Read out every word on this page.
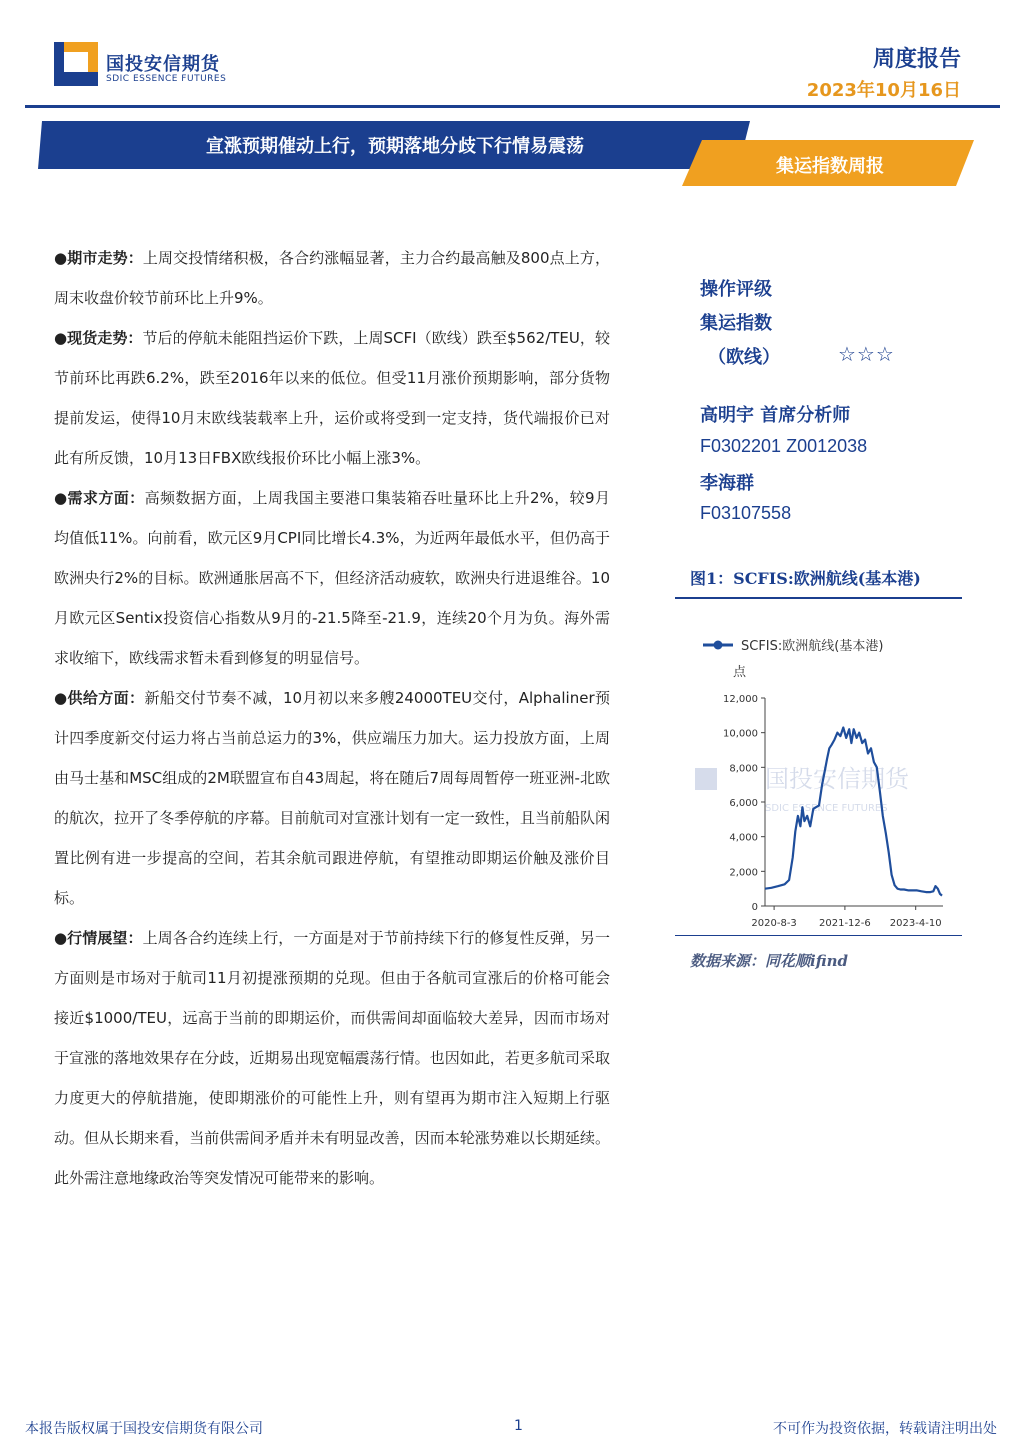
国投安信期货
SDIC ESSENCE FUTURES
周度报告
2023年10月16日
宣涨预期催动上行，预期落地分歧下行情易震荡
集运指数周报

●期市走势：上周交投情绪积极，各合约涨幅显著，主力合约最高触及800点上方，周末收盘价较节前环比上升9%。

●现货走势：节后的停航未能阻挡运价下跌，上周SCFI（欧线）跌至$562/TEU，较节前环比再跌6.2%，跌至2016年以来的低位。但受11月涨价预期影响，部分货物提前发运，使得10月末欧线装载率上升，运价或将受到一定支持，货代端报价已对此有所反馈，10月13日FBX欧线报价环比小幅上涨3%。

●需求方面：高频数据方面，上周我国主要港口集装箱吞吐量环比上升2%，较9月均值低11%。向前看，欧元区9月CPI同比增长4.3%，为近两年最低水平，但仍高于欧洲央行2%的目标。欧洲通胀居高不下，但经济活动疲软，欧洲央行进退维谷。10月欧元区Sentix投资信心指数从9月的-21.5降至-21.9，连续20个月为负。海外需求收缩下，欧线需求暂未看到修复的明显信号。

●供给方面：新船交付节奏不减，10月初以来多艘24000TEU交付，Alphaliner预计四季度新交付运力将占当前总运力的3%，供应端压力加大。运力投放方面，上周由马士基和MSC组成的2M联盟宣布自43周起，将在随后7周每周暂停一班亚洲-北欧的航次，拉开了冬季停航的序幕。目前航司对宣涨计划有一定一致性，且当前船队闲置比例有进一步提高的空间，若其余航司跟进停航，有望推动即期运价触及涨价目标。

●行情展望：上周各合约连续上行，一方面是对于节前持续下行的修复性反弹，另一方面则是市场对于航司11月初提涨预期的兑现。但由于各航司宣涨后的价格可能会接近$1000/TEU，远高于当前的即期运价，而供需间却面临较大差异，因而市场对于宣涨的落地效果存在分歧，近期易出现宽幅震荡行情。也因如此，若更多航司采取力度更大的停航措施，使即期涨价的可能性上升，则有望再为期市注入短期上行驱动。但从长期来看，当前供需间矛盾并未有明显改善，因而本轮涨势难以长期延续。此外需注意地缘政治等突发情况可能带来的影响。

操作评级
集运指数
（欧线）	☆☆☆
高明宇 首席分析师
F0302201 Z0012038
李海群
F03107558
图1：SCFIS:欧洲航线(基本港)
国投安信期货
SDIC ESSENCE FUTURES
SCFIS:欧洲航线(基本港)
点
0
2,000
4,000
6,000
8,000
10,000
12,000
2020-8-3 2021-12-6 2023-4-10
数据来源：同花顺ifind
本报告版权属于国投安信期货有限公司	1	不可作为投资依据，转载请注明出处
